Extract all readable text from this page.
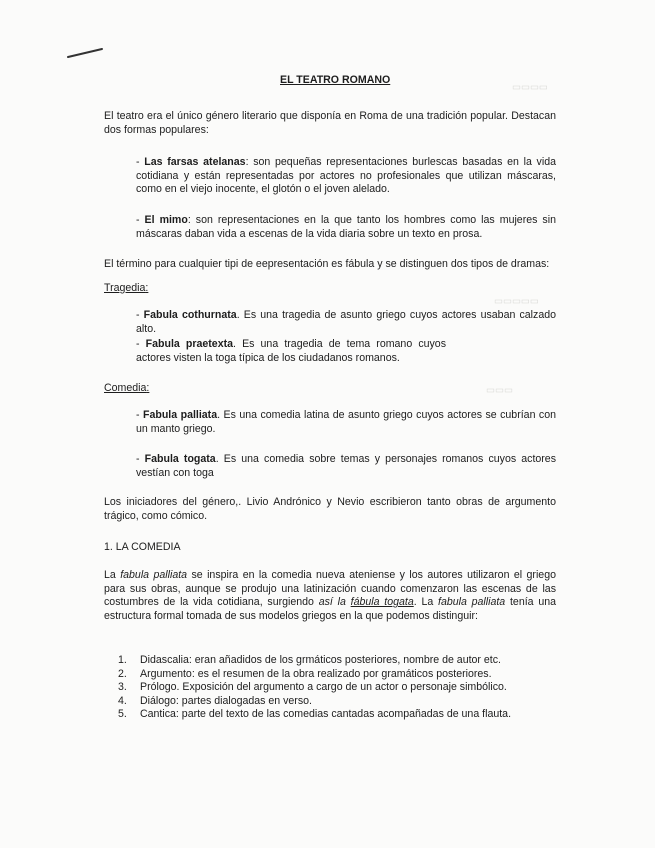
▭▭▭▭
▭▭▭▭▭
▭▭▭
EL TEATRO ROMANO
El teatro era el único género literario que disponía en Roma de una tradición popular. Destacan dos formas populares:
- Las farsas atelanas: son pequeñas representaciones burlescas basadas en la vida cotidiana y están representadas por actores no profesionales que utilizan máscaras, como en el viejo inocente, el glotón o el joven alelado.
- El mimo: son representaciones en la que tanto los hombres como las mujeres sin máscaras daban vida a escenas de la vida diaria sobre un texto en prosa.
El término para cualquier tipi de eepresentación es fábula y se distinguen dos tipos de dramas:
Tragedia:
- Fabula cothurnata. Es una tragedia de asunto griego cuyos actores usaban calzado alto.
- Fabula praetexta. Es una tragedia de tema romano cuyos actores visten la toga típica de los ciudadanos romanos.
Comedia:
- Fabula palliata. Es una comedia latina de asunto griego cuyos actores se cubrían con un manto griego.
- Fabula togata. Es una comedia sobre temas y personajes romanos cuyos actores vestían con toga
Los iniciadores del género,. Livio Andrónico y Nevio escribieron tanto obras de argumento trágico, como cómico.
1. LA COMEDIA
La fabula palliata se inspira en la comedia nueva ateniense y los autores utilizaron el griego para sus obras, aunque se produjo una latinización cuando comenzaron las escenas de las costumbres de la vida cotidiana, surgiendo así la fábula togata. La fabula palliata tenía una estructura formal tomada de sus modelos griegos en la que podemos distinguir:
1.	Didascalia: eran añadidos de los grmáticos posteriores, nombre de autor etc.
2.	Argumento: es el resumen de la obra realizado por gramáticos posteriores.
3.	Prólogo. Exposición del argumento a cargo de un actor o personaje simbólico.
4.	Diálogo: partes dialogadas en verso.
5.	Cantica: parte del texto de las comedias cantadas acompañadas de una flauta.
